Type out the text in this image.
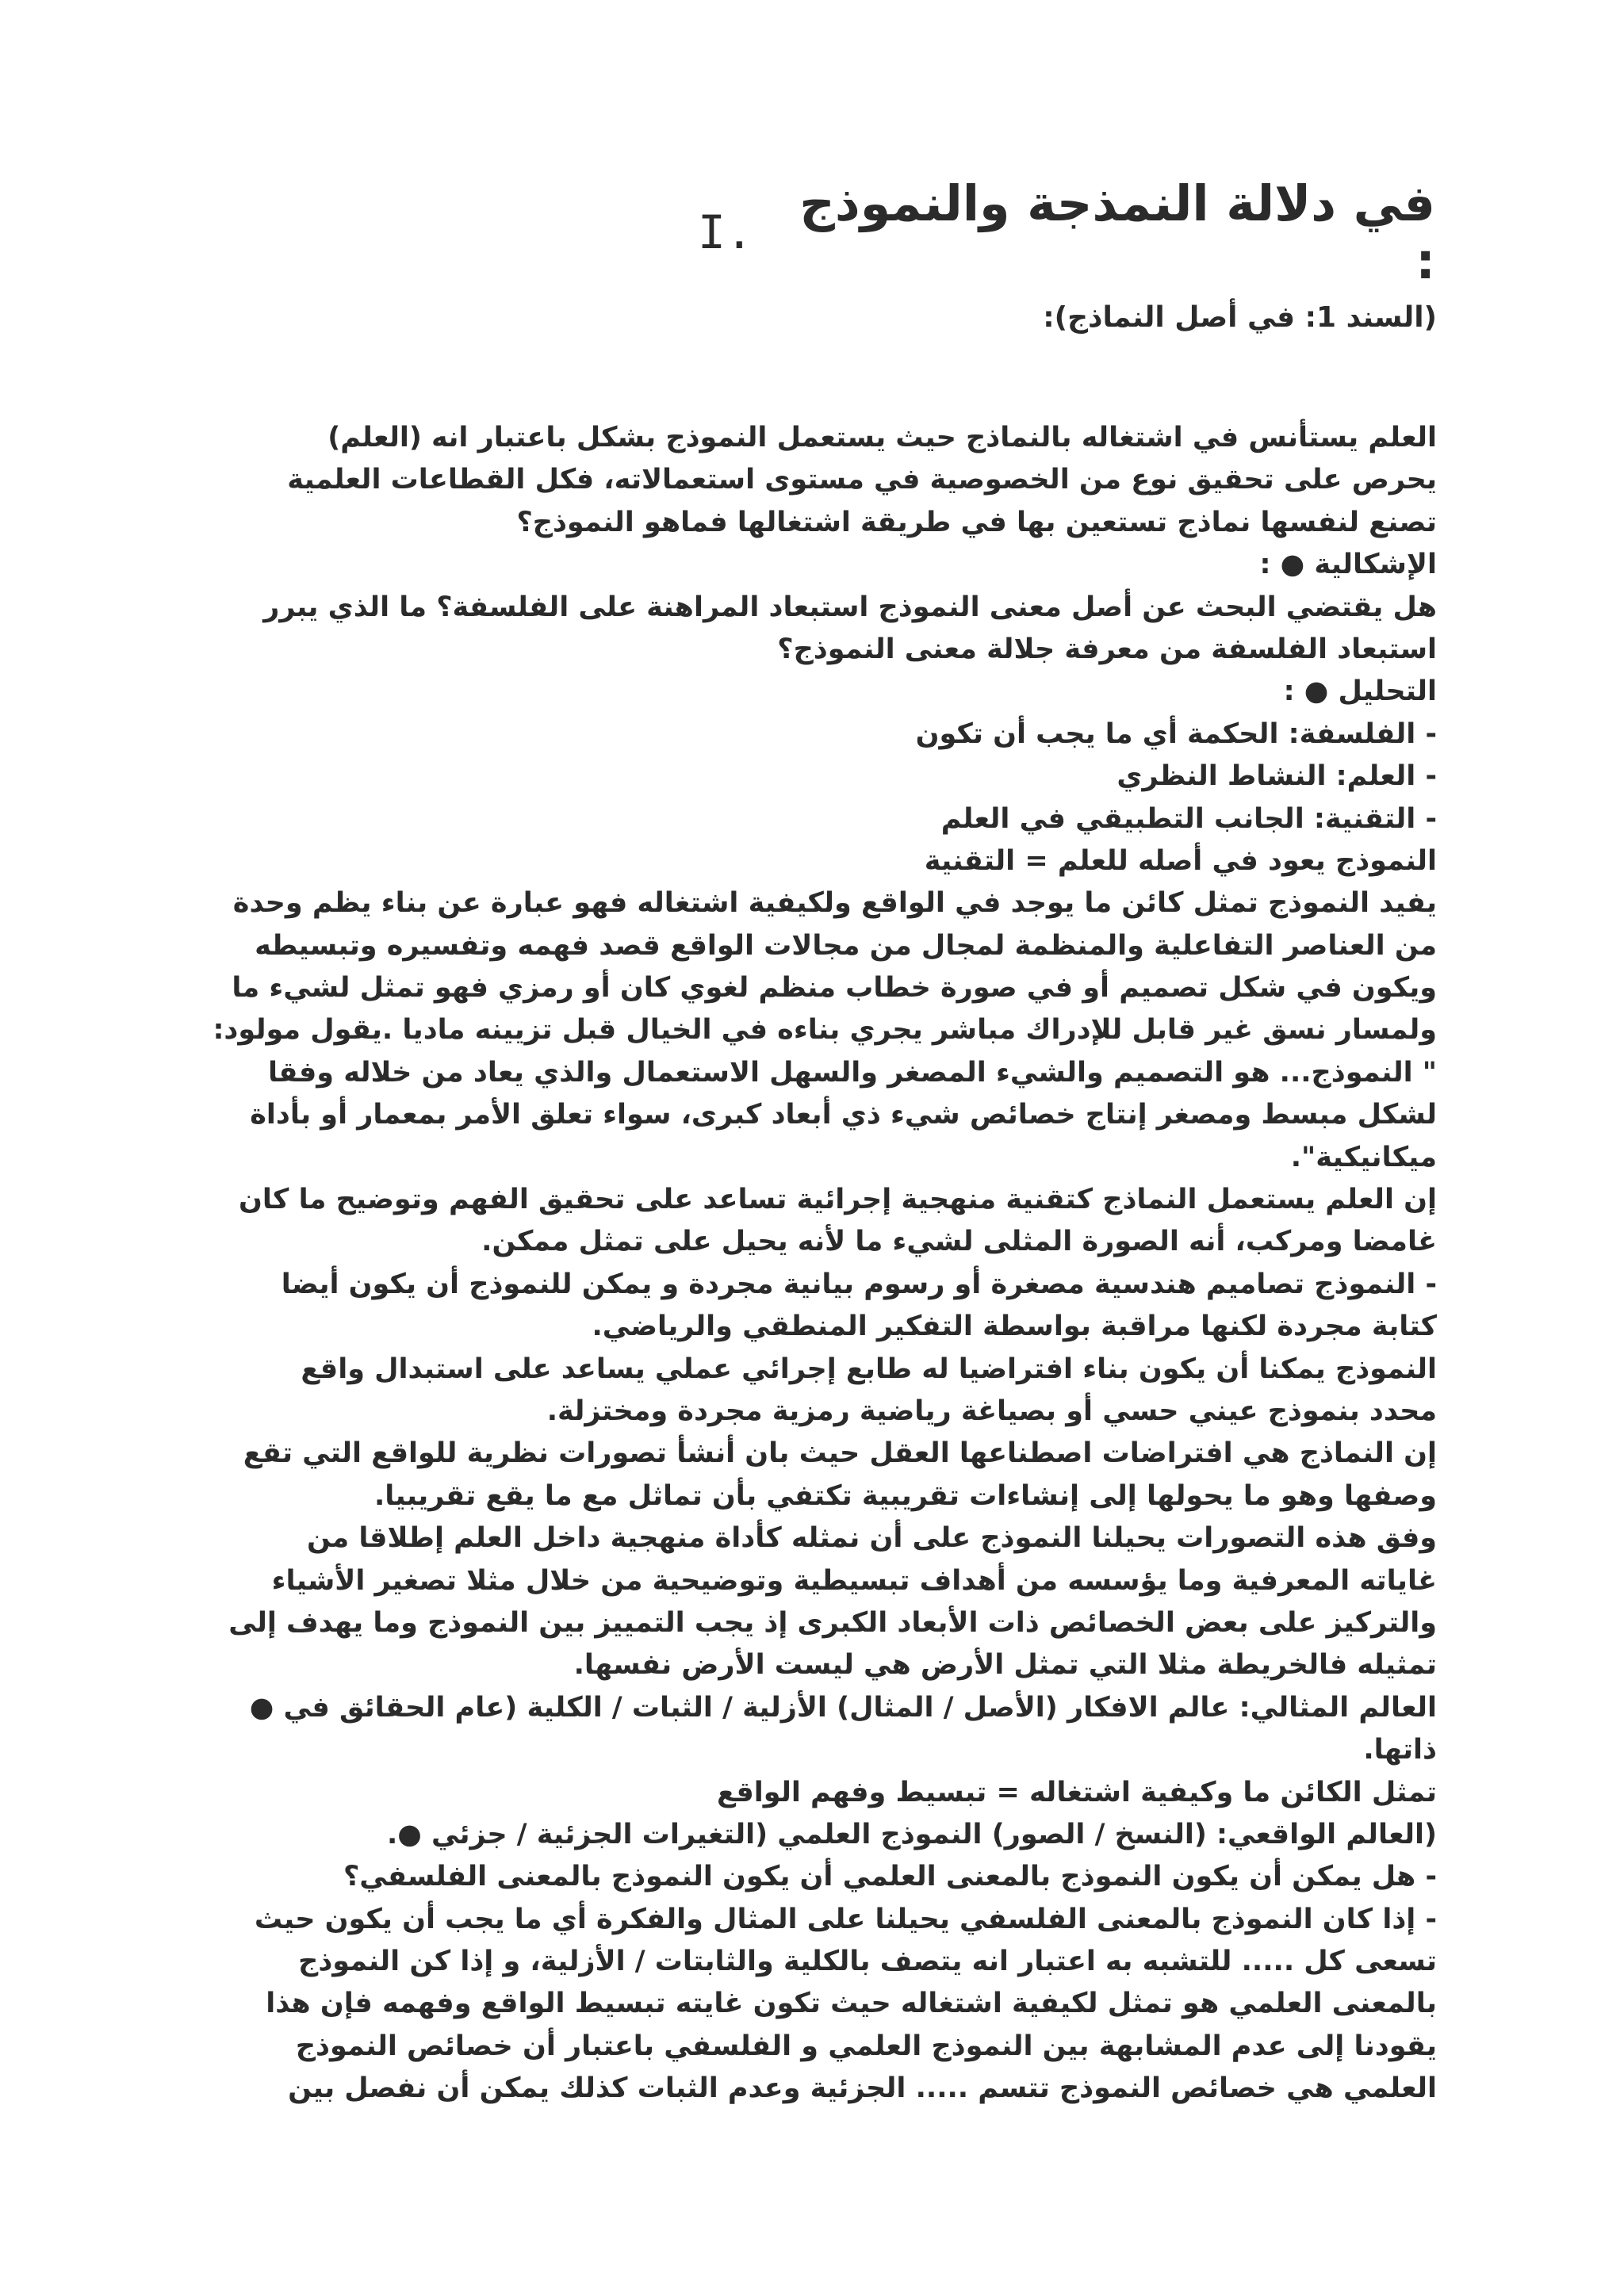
I. في دلالة النمذجة والنموذج :
(السند 1: في أصل النماذج):
العلم يستأنس في اشتغاله بالنماذج حيث يستعمل النموذج بشكل باعتبار انه (العلم)
يحرص على تحقيق نوع من الخصوصية في مستوى استعمالاته، فكل القطاعات العلمية
تصنع لنفسها نماذج تستعين بها في طريقة اشتغالها فماهو النموذج؟
الإشكالية ● :
هل يقتضي البحث عن أصل معنى النموذج استبعاد المراهنة على الفلسفة؟ ما الذي يبرر
استبعاد الفلسفة من معرفة جلالة معنى النموذج؟
التحليل ● :
- الفلسفة: الحكمة أي ما يجب أن تكون
- العلم: النشاط النظري
- التقنية: الجانب التطبيقي في العلم
النموذج يعود في أصله للعلم = التقنية
يفيد النموذج تمثل كائن ما يوجد في الواقع ولكيفية اشتغاله فهو عبارة عن بناء يظم وحدة
من العناصر التفاعلية والمنظمة لمجال من مجالات الواقع قصد فهمه وتفسيره وتبسيطه
ويكون في شكل تصميم أو في صورة خطاب منظم لغوي كان أو رمزي فهو تمثل لشيء ما
ولمسار نسق غير قابل للإدراك مباشر يجري بناءه في الخيال قبل تزيينه ماديا .يقول مولود:
" النموذج... هو التصميم والشيء المصغر والسهل الاستعمال والذي يعاد من خلاله وفقا
لشكل مبسط ومصغر إنتاج خصائص شيء ذي أبعاد كبرى، سواء تعلق الأمر بمعمار أو بأداة
ميكانيكية".
إن العلم يستعمل النماذج كتقنية منهجية إجرائية تساعد على تحقيق الفهم وتوضيح ما كان
غامضا ومركب، أنه الصورة المثلى لشيء ما لأنه يحيل على تمثل ممكن.
- النموذج تصاميم هندسية مصغرة أو رسوم بيانية مجردة و يمكن للنموذج أن يكون أيضا
كتابة مجردة لكنها مراقبة بواسطة التفكير المنطقي والرياضي.
النموذج يمكنا أن يكون بناء افتراضيا له طابع إجرائي عملي يساعد على استبدال واقع
محدد بنموذج عيني حسي أو بصياغة رياضية رمزية مجردة ومختزلة.
إن النماذج هي افتراضات اصطناعها العقل حيث بان أنشأ تصورات نظرية للواقع التي تقع
وصفها وهو ما يحولها إلى إنشاءات تقريبية تكتفي بأن تماثل مع ما يقع تقريبيا.
وفق هذه التصورات يحيلنا النموذج على أن نمثله كأداة منهجية داخل العلم إطلاقا من
غاياته المعرفية وما يؤسسه من أهداف تبسيطية وتوضيحية من خلال مثلا تصغير الأشياء
والتركيز على بعض الخصائص ذات الأبعاد الكبرى إذ يجب التمييز بين النموذج وما يهدف إلى
تمثيله فالخريطة مثلا التي تمثل الأرض هي ليست الأرض نفسها.
العالم المثالي: عالم الافكار (الأصل / المثال) الأزلية / الثبات / الكلية (عام الحقائق في ●
ذاتها.
تمثل الكائن ما وكيفية اشتغاله = تبسيط وفهم الواقع
(العالم الواقعي: (النسخ / الصور) النموذج العلمي (التغيرات الجزئية / جزئي ●.
- هل يمكن أن يكون النموذج بالمعنى العلمي أن يكون النموذج بالمعنى الفلسفي؟
- إذا كان النموذج بالمعنى الفلسفي يحيلنا على المثال والفكرة أي ما يجب أن يكون حيث
تسعى كل ..... للتشبه به اعتبار انه يتصف بالكلية والثابتات / الأزلية، و إذا كن النموذج
بالمعنى العلمي هو تمثل لكيفية اشتغاله حيث تكون غايته تبسيط الواقع وفهمه فإن هذا
يقودنا إلى عدم المشابهة بين النموذج العلمي و الفلسفي باعتبار أن خصائص النموذج
العلمي هي خصائص النموذج تتسم ..... الجزئية وعدم الثبات كذلك يمكن أن نفصل بين
